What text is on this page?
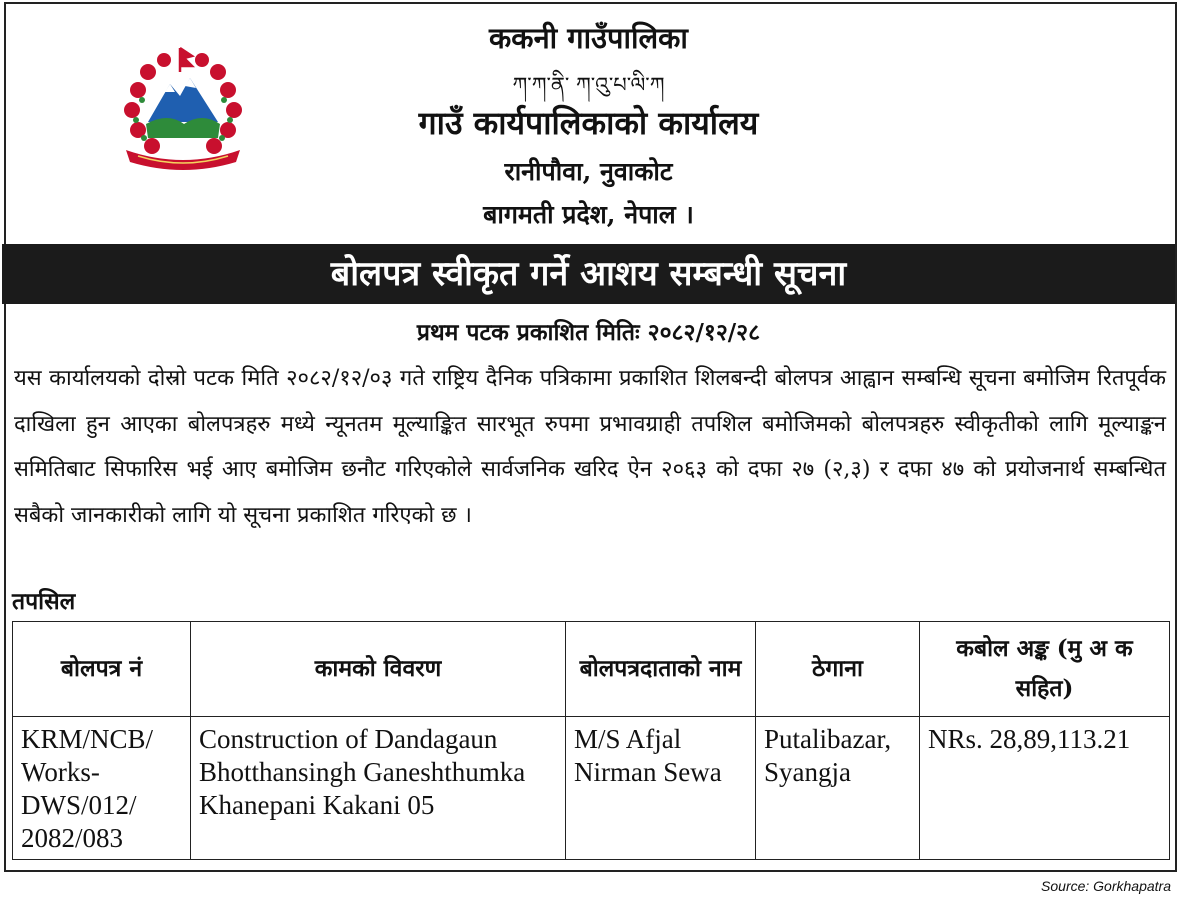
ककनी गाउँपालिका
ཀ་ཀ་ནི་ ཀ་འུ་པ་ལི་ཀ
गाउँ कार्यपालिकाको कार्यालय
रानीपौवा, नुवाकोट
बागमती प्रदेश, नेपाल ।
बोलपत्र स्वीकृत गर्ने आशय सम्बन्धी सूचना
प्रथम पटक प्रकाशित मितिः २०८२/१२/२८
यस कार्यालयको दोस्रो पटक मिति २०८२/१२/०३ गते राष्ट्रिय दैनिक पत्रिकामा प्रकाशित शिलबन्दी बोलपत्र आह्वान सम्बन्धि सूचना बमोजिम रितपूर्वक दाखिला हुन आएका बोलपत्रहरु मध्ये न्यूनतम मूल्याङ्कित सारभूत रुपमा प्रभावग्राही तपशिल बमोजिमको बोलपत्रहरु स्वीकृतीको लागि मूल्याङ्कन समितिबाट सिफारिस भई आए बमोजिम छनौट गरिएकोले सार्वजनिक खरिद ऐन २०६३ को दफा २७ (२,३) र दफा ४७ को प्रयोजनार्थ सम्बन्धित सबैको जानकारीको लागि यो सूचना प्रकाशित गरिएको छ ।
तपसिल
बोलपत्र नं	कामको विवरण	बोलपत्रदाताको नाम	ठेगाना	कबोल अङ्क (मु अ क सहित)
KRM/NCB/ Works-DWS/012/ 2082/083	Construction of Dandagaun Bhotthansingh Ganeshthumka Khanepani Kakani 05	M/S Afjal Nirman Sewa	Putalibazar, Syangja	NRs. 28,89,113.21
Source: Gorkhapatra
